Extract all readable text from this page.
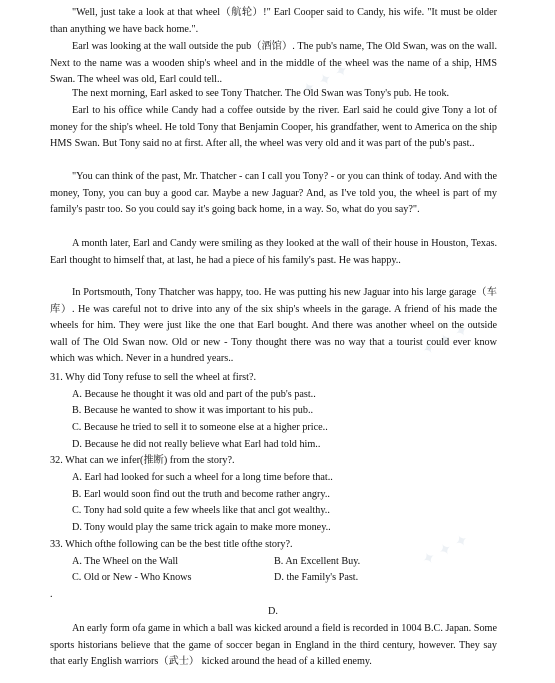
✦ ✦ ✦
✦ ✦ ✦
✦ ✦ ✦

"Well, just take a look at that wheel（航轮）!" Earl Cooper said to Candy, his wife. "It must be older than anything we have back home.".

Earl was looking at the wall outside the pub（酒馆）. The pub's name, The Old Swan, was on the wall. Next to the name was a wooden ship's wheel and in the middle of the wheel was the name of a ship, HMS Swan. The wheel was old, Earl could tell..

The next morning, Earl asked to see Tony Thatcher. The Old Swan was Tony's pub. He took.

Earl to his office while Candy had a coffee outside by the river. Earl said he could give Tony a lot of money for the ship's wheel. He told Tony that Benjamin Cooper, his grandfather, went to America on the ship HMS Swan. But Tony said no at first. After all, the wheel was very old and it was part of the pub's past..

"You can think of the past, Mr. Thatcher - can I call you Tony? - or you can think of today. And with the money, Tony, you can buy a good car. Maybe a new Jaguar? And, as I've told you, the wheel is part of my family's pastr too. So you could say it's going back home, in a way. So, what do you say?".

A month later, Earl and Candy were smiling as they looked at the wall of their house in Houston, Texas. Earl thought to himself that, at last, he had a piece of his family's past. He was happy..

In Portsmouth, Tony Thatcher was happy, too. He was putting his new Jaguar into his large garage（车库）. He was careful not to drive into any of the six ship's wheels in the garage. A friend of his made the wheels for him. They were just like the one that Earl bought. And there was another wheel on the outside wall of The Old Swan now. Old or new - Tony thought there was no way that a tourist could ever know which was which. Never in a hundred years..

31. Why did Tony refuse to sell the wheel at first?.
A. Because he thought it was old and part of the pub's past..
B. Because he wanted to show it was important to his pub..
C. Because he tried to sell it to someone else at a higher price..
D. Because he did not really believe what Earl had told him..
32. What can we infer(推断) from the story?.
A. Earl had looked for such a wheel for a long time before that..
B. Earl would soon find out the truth and become rather angry..
C. Tony had sold quite a few wheels like that ancl got wealthy..
D. Tony would play the same trick again to make more money..
33. Which ofthe following can be the best title ofthe story?.
A. The Wheel on the Wall	B. An Excellent Buy.
C. Old or New - Who Knows	D. the Family's Past.
.
D.

An early form ofa game in which a ball was kicked around a field is recorded in 1004 B.C. Japan. Some sports historians believe that the game of soccer began in England in the third century, however. They say that early English warriors（武士） kicked around the head of a killed enemy.
